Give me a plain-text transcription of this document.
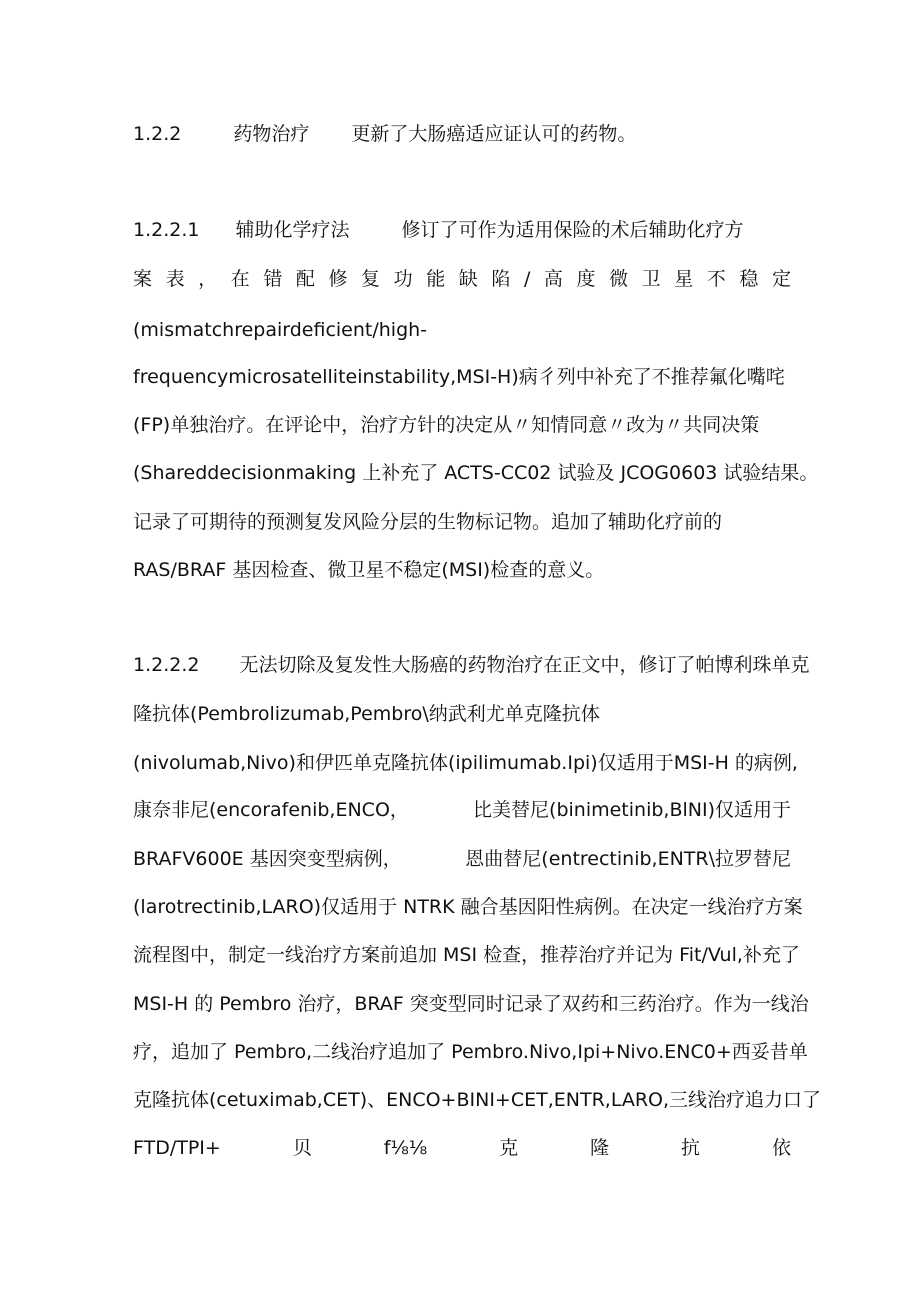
1.2.2	药物治疗 更新了大肠癌适应证认可的药物。
1.2.2.1 辅助化学疗法	修订了可作为适用保险的术后辅助化疗方
案 表 ， 在 错 配 修 复 功 能 缺 陷 / 高 度 微 卫 星 不 稳 定
(mismatchrepairdeficient/high-
frequencymicrosatelliteinstability,MSI-H)病彳列中补充了不推荐氟化嘴咤
(FP)单独治疗。在评论中，治疗方针的决定从〃知情同意〃改为〃共同决策
(Shareddecisionmaking 上补充了 ACTS-CC02 试验及 JCOG0603 试验结果。
记录了可期待的预测复发风险分层的生物标记物。追加了辅助化疗前的
RAS/BRAF 基因检查、微卫星不稳定(MSI)检查的意义。
1.2.2.2 无法切除及复发性大肠癌的药物治疗在正文中，修订了帕博利珠单克
隆抗体(Pembrolizumab,Pembro\纳武利尤单克隆抗体
(nivolumab,Nivo)和伊匹单克隆抗体(ipilimumab.Ipi)仅适用于MSI-H 的病例,
康奈非尼(encorafenib,ENCO，	比美替尼(binimetinib,BlNI)仅适用于
BRAFV600E 基因突变型病例，	恩曲替尼(entrectinib,ENTR\拉罗替尼
(larotrectinib,LARO)仅适用于 NTRK 融合基因阳性病例。在决定一线治疗方案
流程图中，制定一线治疗方案前追加 MSI 检查，推荐治疗并记为 Fit/Vul,补充了
MSI-H 的 Pembro 治疗，BRAF 突变型同时记录了双药和三药治疗。作为一线治
疗，追加了 Pembro,二线治疗追加了 Pembro.Nivo,Ipi+Nivo.ENC0+西妥昔单
克隆抗体(cetuximab,CET)、ENCO+BINI+CET,ENTR,LARO,三线治疗追力口了
FTD/TPI+	贝	f⅛⅛	克	隆	抗	依
